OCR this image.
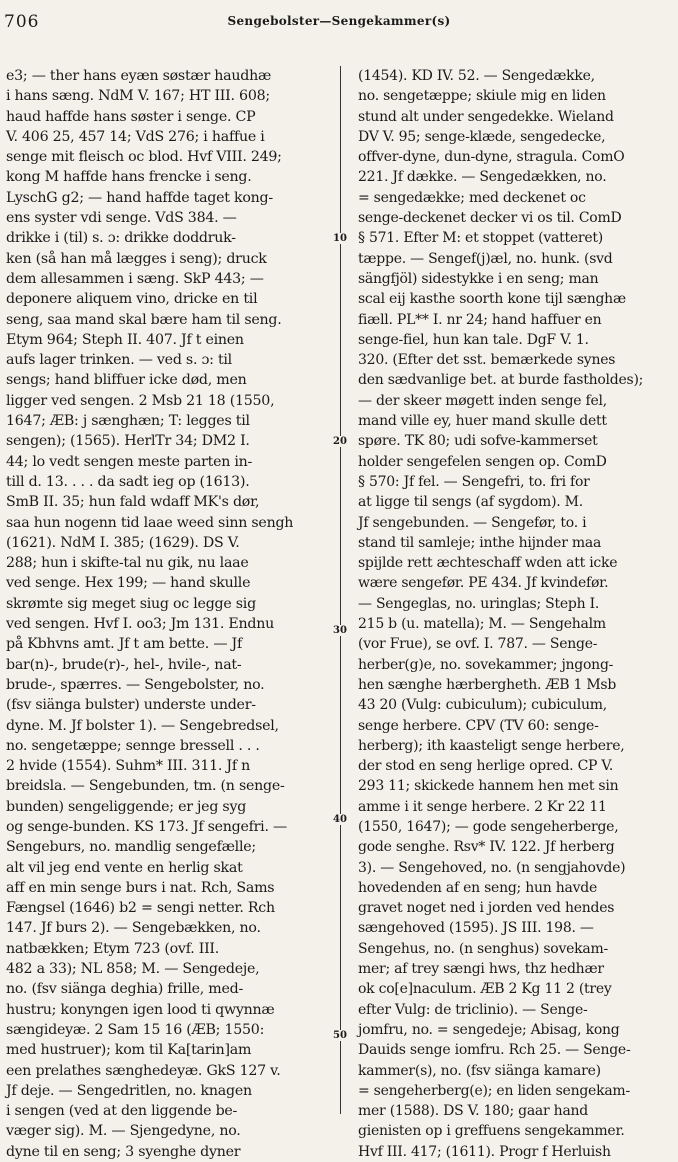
706	Sengebolster—Sengekammer(s)
e3; — ther hans eyæn søstær haudhæ
i hans sæng. NdM V. 167; HT III. 608;
haud haffde hans søster i senge. CP
V. 406 25, 457 14; VdS 276; i haffue i
senge mit fleisch oc blod. Hvf VIII. 249;
kong M haffde hans frencke i seng.
LyschG g2; — hand haffde taget kong-
ens syster vdi senge. VdS 384. —
drikke i (til) s. ɔ: drikke doddruk-
ken (så han må lægges i seng); druck
dem allesammen i sæng. SkP 443; —
deponere aliquem vino, dricke en til
seng, saa mand skal bære ham til seng.
Etym 964; Steph II. 407. Jf t einen
aufs lager trinken. — ved s. ɔ: til
sengs; hand bliffuer icke død, men
ligger ved sengen. 2 Msb 21 18 (1550,
1647; ÆB: j sænghæn; T: legges til
sengen); (1565). HerlTr 34; DM2 I.
44; lo vedt sengen meste parten in-
till d. 13. . . . da sadt ieg op (1613).
SmB II. 35; hun fald wdaff MK's dør,
saa hun nogenn tid laae weed sinn sengh
(1621). NdM I. 385; (1629). DS V.
288; hun i skifte-tal nu gik, nu laae
ved senge. Hex 199; — hand skulle
skrømte sig meget siug oc legge sig
ved sengen. Hvf I. oo3; Jm 131. Endnu
på Kbhvns amt. Jf t am bette. — Jf
bar(n)-, brude(r)-, hel-, hvile-, nat-
brude-, spærres. — Sengebolster, no.
(fsv siänga bulster) underste under-
dyne. M. Jf bolster 1). — Sengebredsel,
no. sengetæppe; sennge bressell . . .
2 hvide (1554). Suhm* III. 311. Jf n
breidsla. — Sengebunden, tm. (n senge-
bunden) sengeliggende; er jeg syg
og senge-bunden. KS 173. Jf sengefri. —
Sengeburs, no. mandlig sengefælle;
alt vil jeg end vente en herlig skat
aff en min senge burs i nat. Rch, Sams
Fængsel (1646) b2 = sengi netter. Rch
147. Jf burs 2). — Sengebækken, no.
natbækken; Etym 723 (ovf. III.
482 a 33); NL 858; M. — Sengedeje,
no. (fsv siänga deghia) frille, med-
hustru; konyngen igen lood ti qwynnæ
sængideyæ. 2 Sam 15 16 (ÆB; 1550:
med hustruer); kom til Ka[tarin]am
een prelathes sænghedeyæ. GkS 127 v.
Jf deje. — Sengedritlen, no. knagen
i sengen (ved at den liggende be-
væger sig). M. — Sjengedyne, no.
dyne til en seng; 3 syenghe dyner
(1454). KD IV. 52. — Sengedække,
no. sengetæppe; skiule mig en liden
stund alt under sengedekke. Wieland
DV V. 95; senge-klæde, sengedecke,
offver-dyne, dun-dyne, stragula. ComO
221. Jf dække. — Sengedækken, no.
= sengedække; med deckenet oc
senge-deckenet decker vi os til. ComD
§ 571. Efter M: et stoppet (vatteret)
tæppe. — Sengef(j)æl, no. hunk. (svd
sängfjöl) sidestykke i en seng; man
scal eij kasthe soorth kone tijl sænghæ
fiæll. PL** I. nr 24; hand haffuer en
senge-fiel, hun kan tale. DgF V. 1.
320. (Efter det sst. bemærkede synes
den sædvanlige bet. at burde fastholdes);
— der skeer møgett inden senge fel,
mand ville ey, huer mand skulle dett
spøre. TK 80; udi sofve-kammerset
holder sengefelen sengen op. ComD
§ 570: Jf fel. — Sengefri, to. fri for
at ligge til sengs (af sygdom). M.
Jf sengebunden. — Sengefør, to. i
stand til samleje; inthe hijnder maa
spijlde rett æchteschaff wden att icke
wære sengefør. PE 434. Jf kvindefør.
— Sengeglas, no. uringlas; Steph I.
215 b (u. matella); M. — Sengehalm
(vor Frue), se ovf. I. 787. — Senge-
herber(g)e, no. sovekammer; jngong-
hen sænghe hærbergheth. ÆB 1 Msb
43 20 (Vulg: cubiculum); cubiculum,
senge herbere. CPV (TV 60: senge-
herberg); ith kaasteligt senge herbere,
der stod en seng herlige opred. CP V.
293 11; skickede hannem hen met sin
amme i it senge herbere. 2 Kr 22 11
(1550, 1647); — gode sengeherberge,
gode senghe. Rsv* IV. 122. Jf herberg
3). — Sengehoved, no. (n sengjahovde)
hovedenden af en seng; hun havde
gravet noget ned i jorden ved hendes
sængehoved (1595). JS III. 198. —
Sengehus, no. (n senghus) sovekam-
mer; af trey sængi hws, thz hedhær
ok co[e]naculum. ÆB 2 Kg 11 2 (trey
efter Vulg: de triclinio). — Senge-
jomfru, no. = sengedeje; Abisag, kong
Dauids senge iomfru. Rch 25. — Senge-
kammer(s), no. (fsv siänga kamare)
= sengeherberg(e); en liden sengekam-
mer (1588). DS V. 180; gaar hand
gienisten op i greffuens sengekammer.
Hvf III. 417; (1611). Progr f Herluish
10
20
30
40
50
